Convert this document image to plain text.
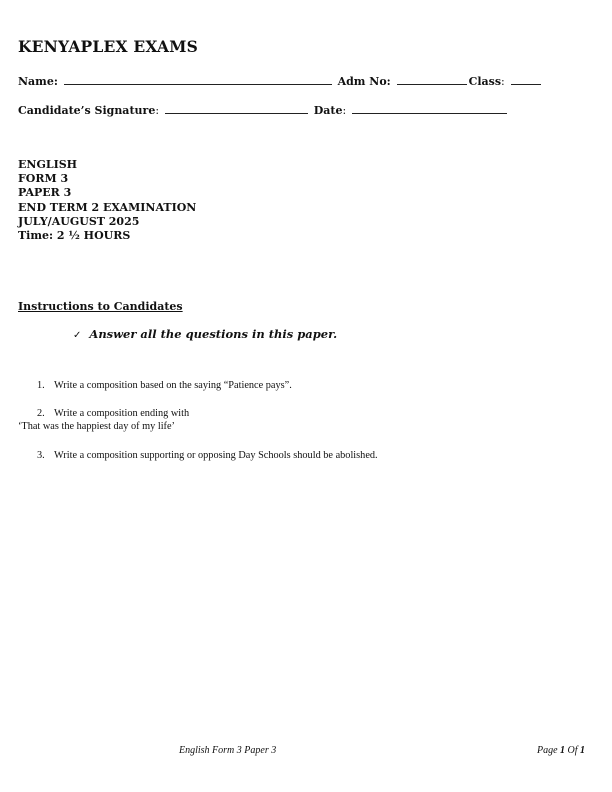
KENYAPLEX EXAMS
Name:	Adm No:	Class:
Candidate’s Signature:	Date:
ENGLISH
FORM 3
PAPER 3
END TERM 2 EXAMINATION
JULY/AUGUST 2025
Time: 2 ½ HOURS
Instructions to Candidates
✓ Answer all the questions in this paper.
1. Write a composition based on the saying “Patience pays”.
2. Write a composition ending with
‘That was the happiest day of my life’
3. Write a composition supporting or opposing Day Schools should be abolished.
English Form 3 Paper 3	Page 1 Of 1
